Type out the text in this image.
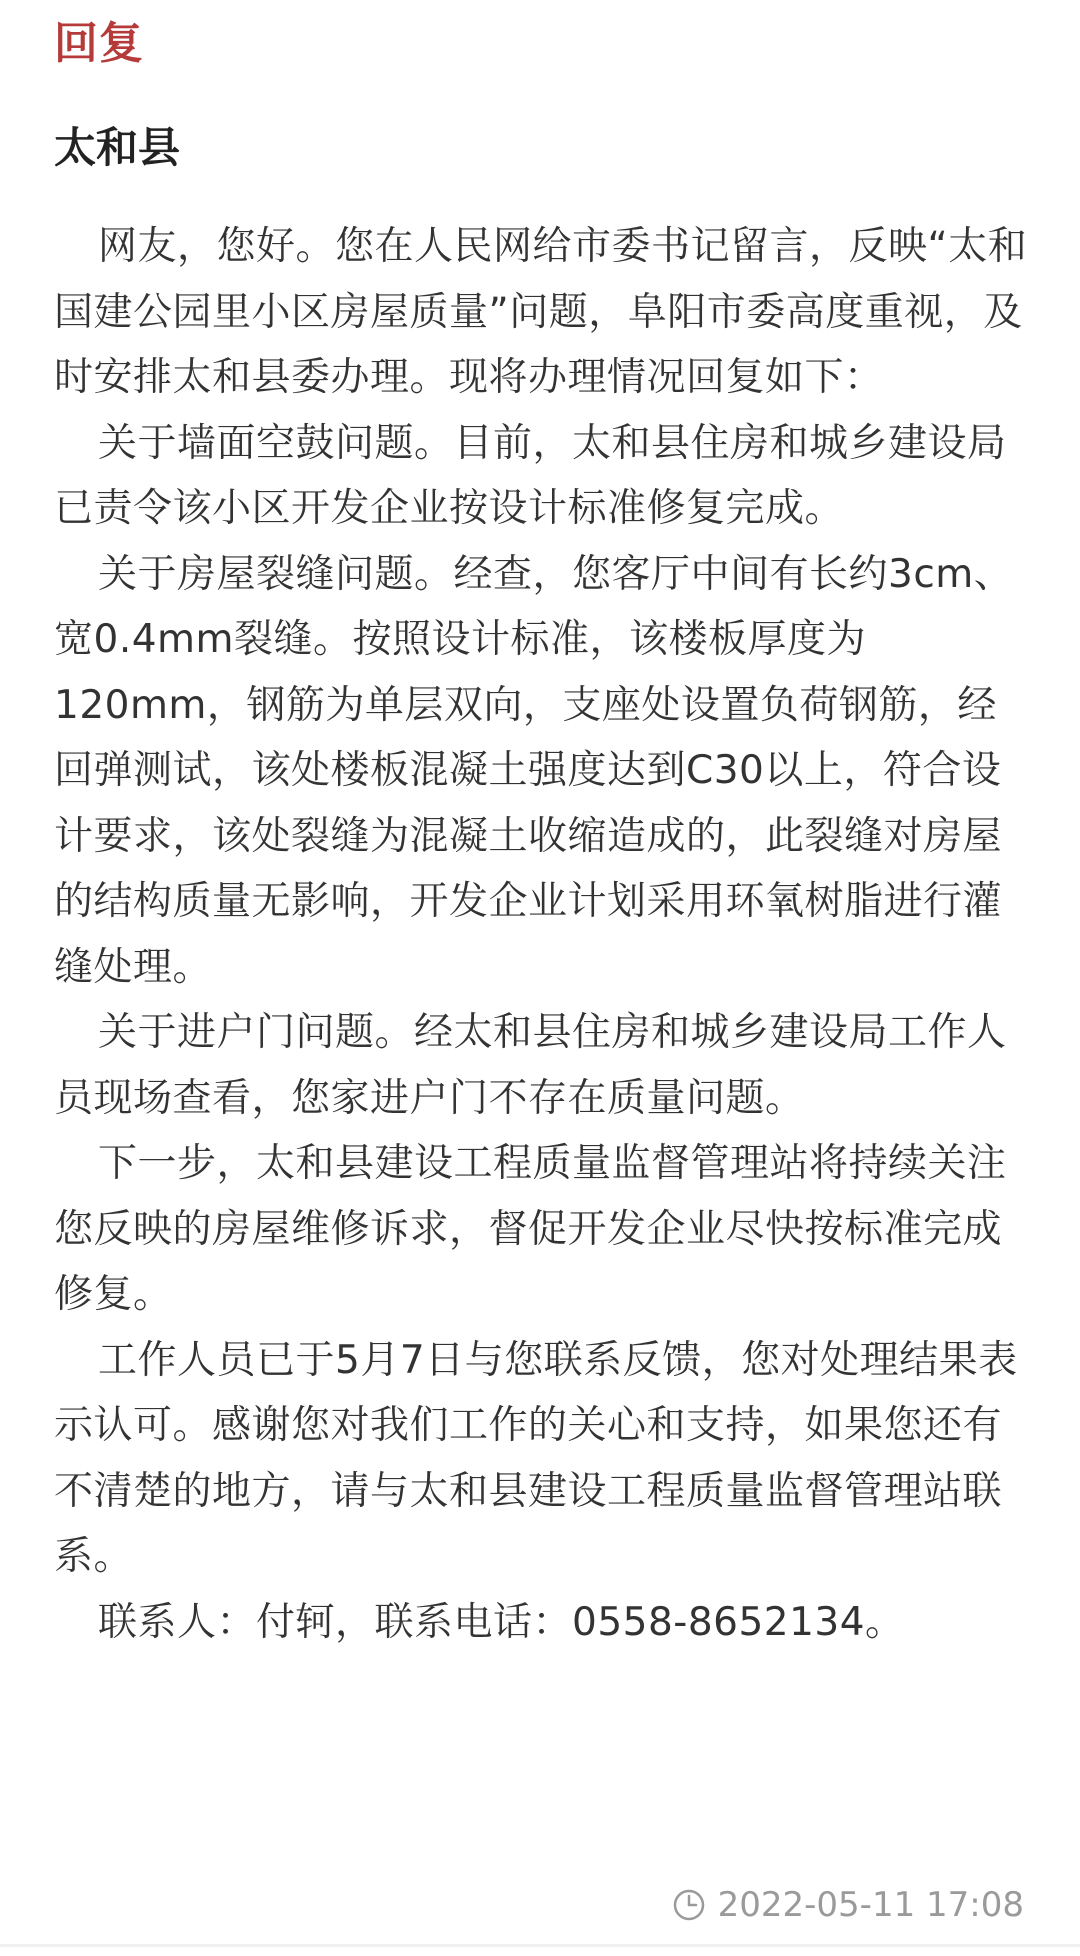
回复
太和县

网友，您好。您在人民网给市委书记留言，反映“太和国建公园里小区房屋质量”问题，阜阳市委高度重视，及时安排太和县委办理。现将办理情况回复如下：

关于墙面空鼓问题。目前，太和县住房和城乡建设局已责令该小区开发企业按设计标准修复完成。

关于房屋裂缝问题。经查，您客厅中间有长约3cm、宽0.4mm裂缝。按照设计标准，该楼板厚度为120mm，钢筋为单层双向，支座处设置负荷钢筋，经回弹测试，该处楼板混凝土强度达到C30以上，符合设计要求，该处裂缝为混凝土收缩造成的，此裂缝对房屋的结构质量无影响，开发企业计划采用环氧树脂进行灌缝处理。

关于进户门问题。经太和县住房和城乡建设局工作人员现场查看，您家进户门不存在质量问题。

下一步，太和县建设工程质量监督管理站将持续关注您反映的房屋维修诉求，督促开发企业尽快按标准完成修复。

工作人员已于5月7日与您联系反馈，您对处理结果表示认可。感谢您对我们工作的关心和支持，如果您还有不清楚的地方，请与太和县建设工程质量监督管理站联系。

联系人：付轲，联系电话：0558-8652134。

2022-05-11 17:08
